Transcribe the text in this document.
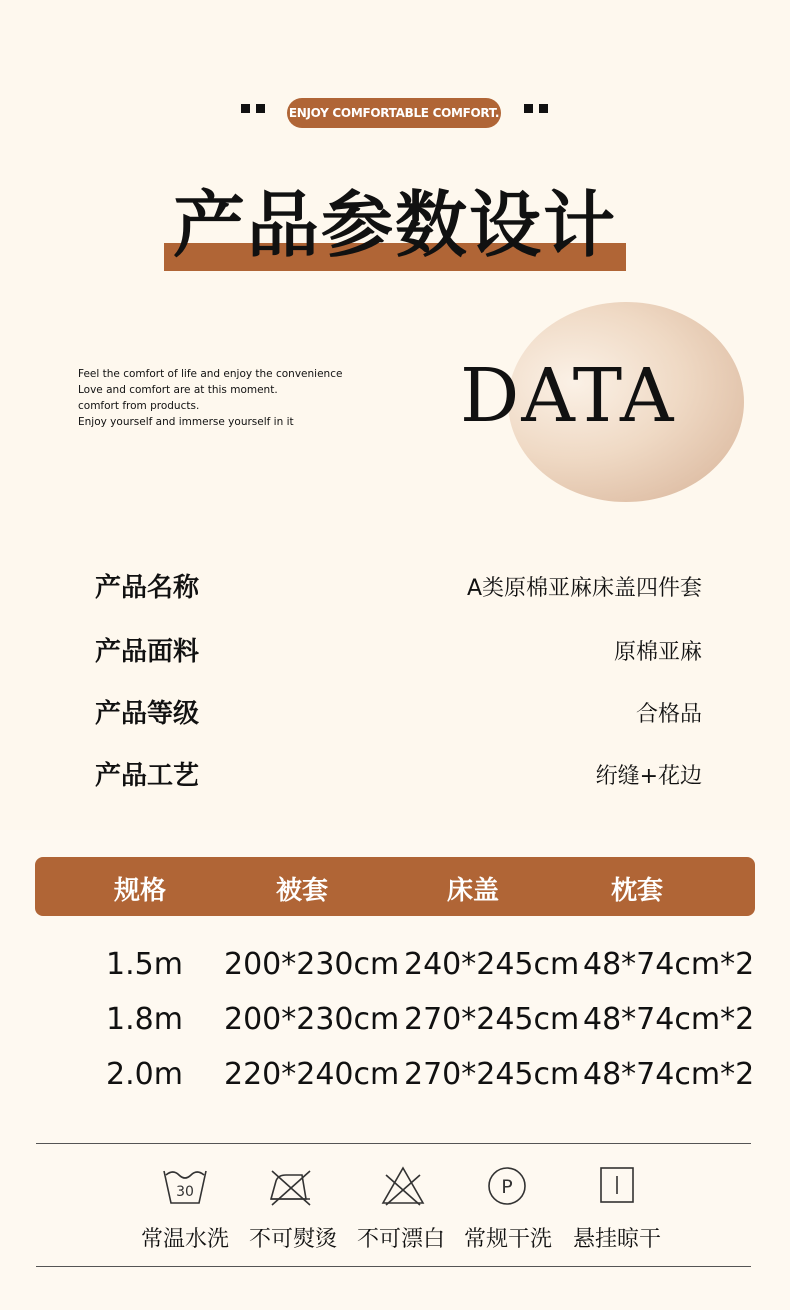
ENJOY COMFORTABLE COMFORT.
产品参数设计
Feel the comfort of life and enjoy the convenience
Love and comfort are at this moment.
comfort from products.
Enjoy yourself and immerse yourself in it	DATA
产品名称	A类原棉亚麻床盖四件套
产品面料	原棉亚麻
产品等级	合格品
产品工艺	绗缝+花边
规格	被套	床盖	枕套
1.5m 200*230cm 240*245cm 48*74cm*2
1.8m 200*230cm 270*245cm 48*74cm*2
2.0m 220*240cm 270*245cm 48*74cm*2
30	P
常温水洗 不可熨烫 不可漂白 常规干洗 悬挂晾干
